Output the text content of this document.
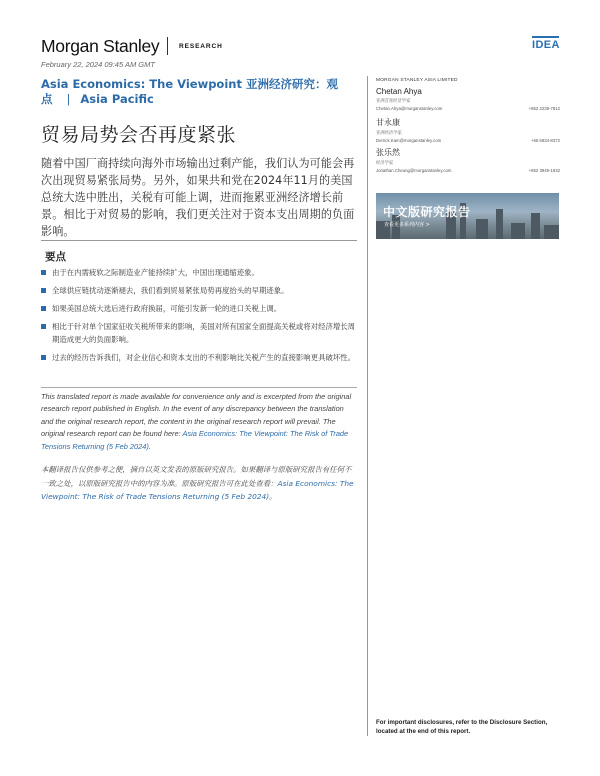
Morgan Stanley	RESEARCH	IDEA
February 22, 2024 09:45 AM GMT
Asia Economics: The Viewpoint 亚洲经济研究：观
点 | Asia Pacific
贸易局势会否再度紧张
随着中国厂商持续向海外市场输出过剩产能，我们认为可能会再次出现贸易紧张局势。另外，如果共和党在2024年11月的美国总统大选中胜出，关税有可能上调，进而拖累亚洲经济增长前景。相比于对贸易的影响，我们更关注对于资本支出周期的负面影响。
要点
由于在内需疲软之际制造业产能持续扩大，中国出现通缩迹象。
全球供应链扰动逐渐褪去，我们看到贸易紧张局势再度抬头的早期迹象。
如果美国总统大选后进行政府换届，可能引发新一轮的进口关税上调。
相比于针对单个国家征收关税所带来的影响，美国对所有国家全面提高关税或将对经济增长周期造成更大的负面影响。
过去的经历告诉我们，对企业信心和资本支出的不利影响比关税产生的直接影响更具破坏性。
This translated report is made available for convenience only and is excerpted from the original research report published in English. In the event of any discrepancy between the translation and the original research report, the content in the original research report will prevail. The original research report can be found here: Asia Economics: The Viewpoint: The Risk of Trade Tensions Returning (5 Feb 2024).
本翻译报告仅供参考之便，摘自以英文发表的原版研究报告。如果翻译与原版研究报告有任何不一致之处，以原版研究报告中的内容为准。原版研究报告可在此处查看：Asia Economics: The Viewpoint: The Risk of Trade Tensions Returning (5 Feb 2024)。
MORGAN STANLEY ASIA LIMITED
Chetan Ahya
亚洲首席经济学家
Chetan.Ahya@morganstanley.com	+852 2239-7812
甘永康
亚洲经济学家
Derrick.Kam@morganstanley.com	+65 6834-8372
张乐然
经济学家
Jonathan.Cheung@morganstanley.com	+852 3949-1932
中文版研究报告
查看更多系列内容 >
For important disclosures, refer to the Disclosure Section, located at the end of this report.
